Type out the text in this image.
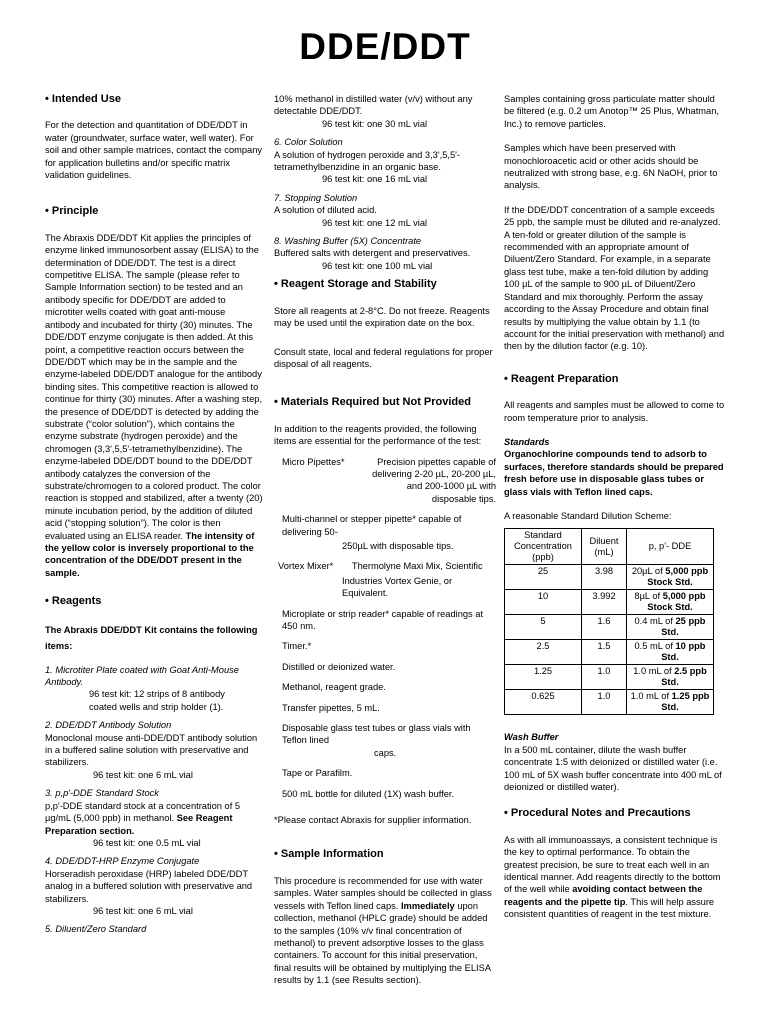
DDE/DDT

• Intended Use

For the detection and quantitation of DDE/DDT in water (groundwater, surface water, well water). For soil and other sample matrices, contact the company for application bulletins and/or specific matrix validation guidelines.

• Principle

The Abraxis DDE/DDT Kit applies the principles of enzyme linked immunosorbent assay (ELISA) to the determination of DDE/DDT. The test is a direct competitive ELISA. The sample (please refer to Sample Information section) to be tested and an antibody specific for DDE/DDT are added to microtiter wells coated with goat anti-mouse antibody and incubated for thirty (30) minutes. The DDE/DDT enzyme conjugate is then added. At this point, a competitive reaction occurs between the DDE/DDT which may be in the sample and the enzyme-labeled DDE/DDT analogue for the antibody binding sites. This competitive reaction is allowed to continue for thirty (30) minutes. After a washing step, the presence of DDE/DDT is detected by adding the substrate (“color solution”), which contains the enzyme substrate (hydrogen peroxide) and the chromogen (3,3',5,5'-tetramethylbenzidine). The enzyme-labeled DDE/DDT bound to the DDE/DDT antibody catalyzes the conversion of the substrate/chromogen to a colored product. The color reaction is stopped and stabilized, after a twenty (20) minute incubation period, by the addition of diluted acid (“stopping solution”). The color is then evaluated using an ELISA reader. The intensity of the yellow color is inversely proportional to the concentration of the DDE/DDT present in the sample.

• Reagents

The Abraxis DDE/DDT Kit contains the following items:

1. Microtiter Plate coated with Goat Anti-Mouse Antibody.

96 test kit: 12 strips of 8 antibody coated wells and strip holder (1).

2. DDE/DDT Antibody Solution

Monoclonal mouse anti-DDE/DDT antibody solution in a buffered saline solution with preservative and stabilizers.

96 test kit: one 6 mL vial

3. p,p'-DDE Standard Stock

p,p'-DDE standard stock at a concentration of 5 µg/mL (5,000 ppb) in methanol. See Reagent Preparation section.

96 test kit: one 0.5 mL vial

4. DDE/DDT-HRP Enzyme Conjugate

Horseradish peroxidase (HRP) labeled DDE/DDT analog in a buffered solution with preservative and stabilizers.

96 test kit: one 6 mL vial

5. Diluent/Zero Standard

10% methanol in distilled water (v/v) without any detectable DDE/DDT.

96 test kit: one 30 mL vial

6. Color Solution

A solution of hydrogen peroxide and 3,3',5,5'-tetramethylbenzidine in an organic base.

96 test kit: one 16 mL vial

7. Stopping Solution

A solution of diluted acid.

96 test kit: one 12 mL vial

8. Washing Buffer (5X) Concentrate

Buffered salts with detergent and preservatives.

96 test kit: one 100 mL vial

• Reagent Storage and Stability

Store all reagents at 2-8°C. Do not freeze. Reagents may be used until the expiration date on the box.

Consult state, local and federal regulations for proper disposal of all reagents.

• Materials Required but Not Provided

In addition to the reagents provided, the following items are essential for the performance of the test:

Micro Pipettes*	Precision pipettes capable of delivering 2-20 µL, 20-200 µL, and 200-1000 µL with disposable tips.

Multi-channel or stepper pipette* capable of delivering 50-

250µL with disposable tips.

Vortex Mixer* Thermolyne Maxi Mix, Scientific

Industries Vortex Genie, or Equivalent.

Microplate or strip reader* capable of readings at 450 nm.

Timer.*

Distilled or deionized water.

Methanol, reagent grade.

Transfer pipettes, 5 mL.

Disposable glass test tubes or glass vials with Teflon lined

caps.

Tape or Parafilm.

500 mL bottle for diluted (1X) wash buffer.

*Please contact Abraxis for supplier information.

• Sample Information

This procedure is recommended for use with water samples. Water samples should be collected in glass vessels with Teflon lined caps. Immediately upon collection, methanol (HPLC grade) should be added to the samples (10% v/v final concentration of methanol) to prevent adsorptive losses to the glass containers. To account for this initial preservation, final results will be obtained by multiplying the ELISA results by 1.1 (see Results section).

Samples containing gross particulate matter should be filtered (e.g. 0.2 um Anotop™ 25 Plus, Whatman, Inc.) to remove particles.

Samples which have been preserved with monochloroacetic acid or other acids should be neutralized with strong base, e.g. 6N NaOH, prior to analysis.

If the DDE/DDT concentration of a sample exceeds 25 ppb, the sample must be diluted and re-analyzed. A ten-fold or greater dilution of the sample is recommended with an appropriate amount of Diluent/Zero Standard. For example, in a separate glass test tube, make a ten-fold dilution by adding 100 µL of the sample to 900 µL of Diluent/Zero Standard and mix thoroughly. Perform the assay according to the Assay Procedure and obtain final results by multiplying the value obtain by 1.1 (to account for the initial preservation with methanol) and then by the dilution factor (e.g. 10).

• Reagent Preparation

All reagents and samples must be allowed to come to room temperature prior to analysis.

Standards

Organochlorine compounds tend to adsorb to surfaces, therefore standards should be prepared fresh before use in disposable glass tubes or glass vials with Teflon lined caps.

A reasonable Standard Dilution Scheme:

Standard Concentration (ppb)	Diluent (mL)	p, p'- DDE
25	3.98	20µL of 5,000 ppb Stock Std.
10	3.992	8µL of 5,000 ppb Stock Std.
5	1.6	0.4 mL of 25 ppb Std.
2.5	1.5	0.5 mL of 10 ppb Std.
1.25	1.0	1.0 mL of 2.5 ppb Std.
0.625	1.0	1.0 mL of 1.25 ppb Std.

Wash Buffer

In a 500 mL container, dilute the wash buffer concentrate 1:5 with deionized or distilled water (i.e. 100 mL of 5X wash buffer concentrate into 400 mL of deionized or distilled water).

• Procedural Notes and Precautions

As with all immunoassays, a consistent technique is the key to optimal performance. To obtain the greatest precision, be sure to treat each well in an identical manner. Add reagents directly to the bottom of the well while avoiding contact between the reagents and the pipette tip. This will help assure consistent quantities of reagent in the test mixture.
